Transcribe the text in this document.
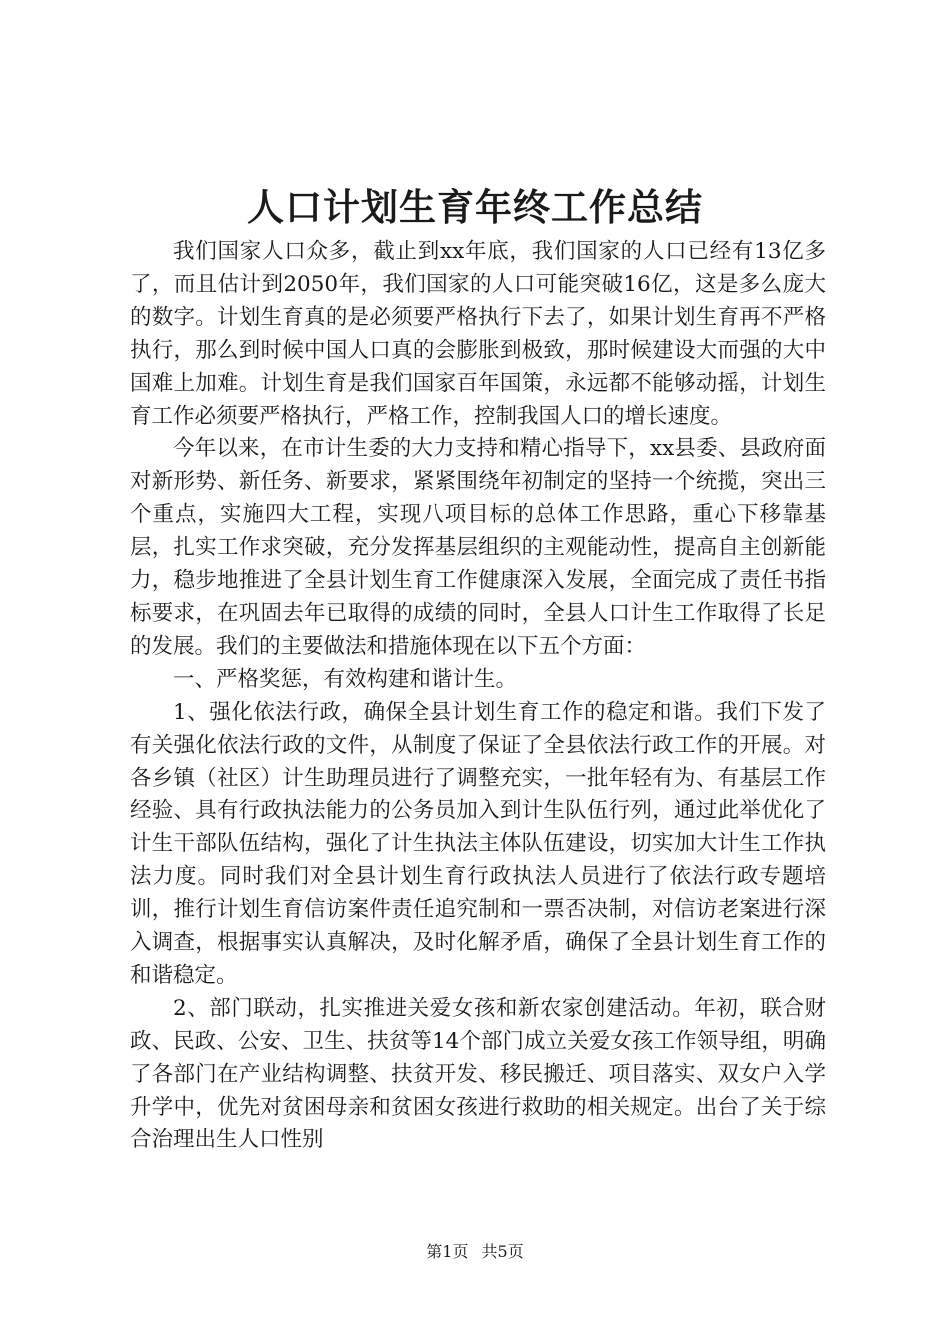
人口计划生育年终工作总结

我们国家人口众多，截止到xx年底，我们国家的人口已经有13亿多了，而且估计到2050年，我们国家的人口可能突破16亿，这是多么庞大的数字。计划生育真的是必须要严格执行下去了，如果计划生育再不严格执行，那么到时候中国人口真的会膨胀到极致，那时候建设大而强的大中国难上加难。计划生育是我们国家百年国策，永远都不能够动摇，计划生育工作必须要严格执行，严格工作，控制我国人口的增长速度。

今年以来，在市计生委的大力支持和精心指导下，xx县委、县政府面对新形势、新任务、新要求，紧紧围绕年初制定的坚持一个统揽，突出三个重点，实施四大工程，实现八项目标的总体工作思路，重心下移靠基层，扎实工作求突破，充分发挥基层组织的主观能动性，提高自主创新能力，稳步地推进了全县计划生育工作健康深入发展，全面完成了责任书指标要求，在巩固去年已取得的成绩的同时，全县人口计生工作取得了长足的发展。我们的主要做法和措施体现在以下五个方面：

一、严格奖惩，有效构建和谐计生。

1、强化依法行政，确保全县计划生育工作的稳定和谐。我们下发了有关强化依法行政的文件，从制度了保证了全县依法行政工作的开展。对各乡镇（社区）计生助理员进行了调整充实，一批年轻有为、有基层工作经验、具有行政执法能力的公务员加入到计生队伍行列，通过此举优化了计生干部队伍结构，强化了计生执法主体队伍建设，切实加大计生工作执法力度。同时我们对全县计划生育行政执法人员进行了依法行政专题培训，推行计划生育信访案件责任追究制和一票否决制，对信访老案进行深入调查，根据事实认真解决，及时化解矛盾，确保了全县计划生育工作的和谐稳定。

2、部门联动，扎实推进关爱女孩和新农家创建活动。年初，联合财政、民政、公安、卫生、扶贫等14个部门成立关爱女孩工作领导组，明确了各部门在产业结构调整、扶贫开发、移民搬迁、项目落实、双女户入学升学中，优先对贫困母亲和贫困女孩进行救助的相关规定。出台了关于综合治理出生人口性别

第1页 共5页
